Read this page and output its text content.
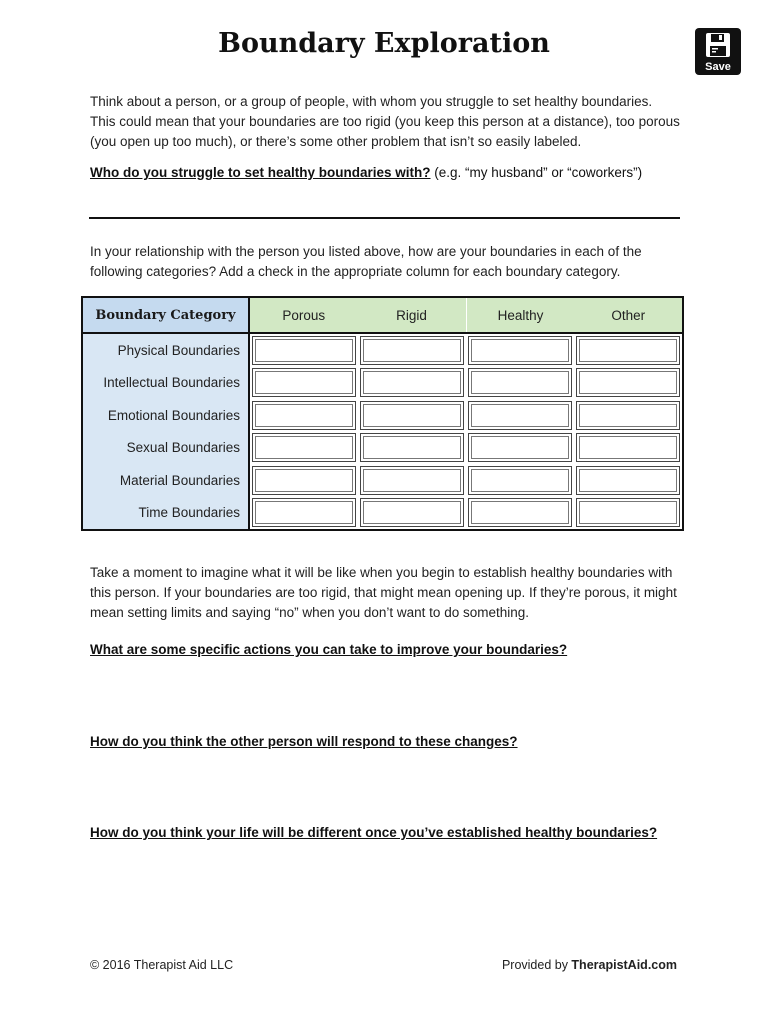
Boundary Exploration
Save
Think about a person, or a group of people, with whom you struggle to set healthy boundaries. This could mean that your boundaries are too rigid (you keep this person at a distance), too porous (you open up too much), or there’s some other problem that isn’t so easily labeled.
Who do you struggle to set healthy boundaries with? (e.g. “my husband” or “coworkers”)
In your relationship with the person you listed above, how are your boundaries in each of the following categories? Add a check in the appropriate column for each boundary category.
Boundary Category	Porous	Rigid	Healthy	Other
Physical Boundaries	

Intellectual Boundaries	

Emotional Boundaries	

Sexual Boundaries	

Material Boundaries	

Time Boundaries	

Take a moment to imagine what it will be like when you begin to establish healthy boundaries with this person. If your boundaries are too rigid, that might mean opening up. If they’re porous, it might mean setting limits and saying “no” when you don’t want to do something.
What are some specific actions you can take to improve your boundaries?
How do you think the other person will respond to these changes?
How do you think your life will be different once you’ve established healthy boundaries?
© 2016 Therapist Aid LLC	Provided by TherapistAid.com
